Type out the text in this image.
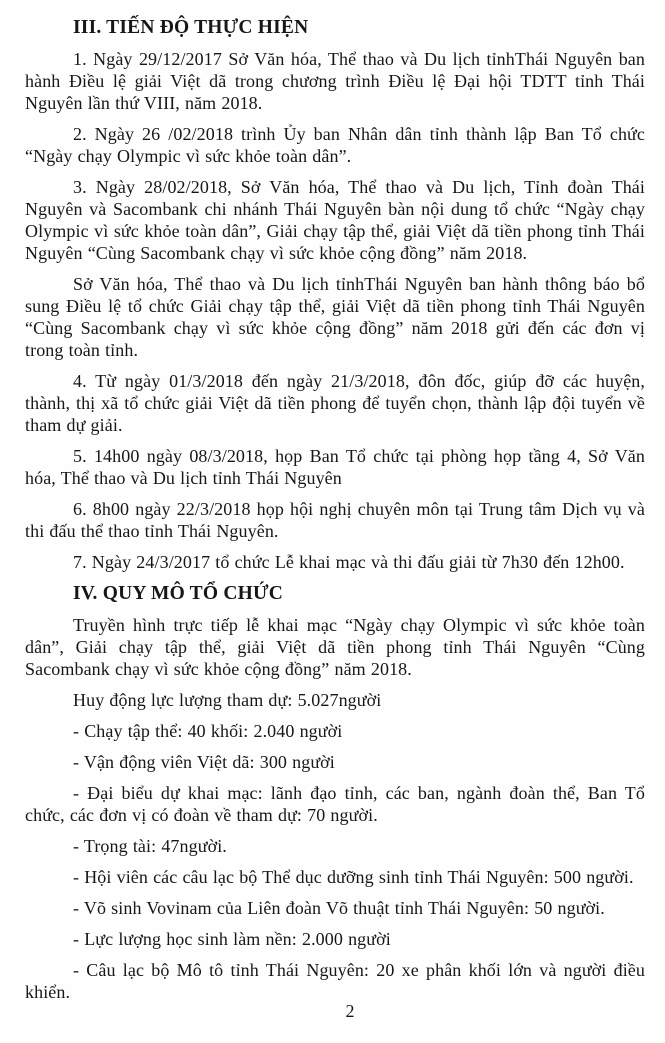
III. TIẾN ĐỘ THỰC HIỆN

1. Ngày 29/12/2017 Sở Văn hóa, Thể thao và Du lịch tỉnhThái Nguyên ban hành Điều lệ giải Việt dã trong chương trình Điều lệ Đại hội TDTT tỉnh Thái Nguyên lần thứ VIII, năm 2018.

2. Ngày 26 /02/2018 trình Ủy ban Nhân dân tỉnh thành lập Ban Tổ chức “Ngày chạy Olympic vì sức khỏe toàn dân”.

3. Ngày 28/02/2018, Sở Văn hóa, Thể thao và Du lịch, Tỉnh đoàn Thái Nguyên và Sacombank chi nhánh Thái Nguyên bàn nội dung tổ chức “Ngày chạy Olympic vì sức khỏe toàn dân”, Giải chạy tập thể, giải Việt dã tiền phong tỉnh Thái Nguyên “Cùng Sacombank chạy vì sức khỏe cộng đồng” năm 2018.

Sở Văn hóa, Thể thao và Du lịch tỉnhThái Nguyên ban hành thông báo bổ sung Điều lệ tổ chức Giải chạy tập thể, giải Việt dã tiền phong tỉnh Thái Nguyên “Cùng Sacombank chạy vì sức khỏe cộng đồng” năm 2018 gửi đến các đơn vị trong toàn tỉnh.

4. Từ ngày 01/3/2018 đến ngày 21/3/2018, đôn đốc, giúp đỡ các huyện, thành, thị xã tổ chức giải Việt dã tiền phong để tuyển chọn, thành lập đội tuyển về tham dự giải.

5. 14h00 ngày 08/3/2018, họp Ban Tổ chức tại phòng họp tầng 4, Sở Văn hóa, Thể thao và Du lịch tỉnh Thái Nguyên

6. 8h00 ngày 22/3/2018 họp hội nghị chuyên môn tại Trung tâm Dịch vụ và thi đấu thể thao tỉnh Thái Nguyên.

7. Ngày 24/3/2017 tổ chức Lễ khai mạc và thi đấu giải từ 7h30 đến 12h00.

IV. QUY MÔ TỔ CHỨC

Truyền hình trực tiếp lễ khai mạc “Ngày chạy Olympic vì sức khỏe toàn dân”, Giải chạy tập thể, giải Việt dã tiền phong tỉnh Thái Nguyên “Cùng Sacombank chạy vì sức khỏe cộng đồng” năm 2018.

Huy động lực lượng tham dự: 5.027người

- Chạy tập thể: 40 khối: 2.040 người

- Vận động viên Việt dã: 300 người

- Đại biểu dự khai mạc: lãnh đạo tỉnh, các ban, ngành đoàn thể, Ban Tổ chức, các đơn vị có đoàn về tham dự: 70 người.

- Trọng tài: 47người.

- Hội viên các câu lạc bộ Thể dục dưỡng sinh tỉnh Thái Nguyên: 500 người.

- Võ sinh Vovinam của Liên đoàn Võ thuật tỉnh Thái Nguyên: 50 người.

- Lực lượng học sinh làm nền: 2.000 người

- Câu lạc bộ Mô tô tỉnh Thái Nguyên: 20 xe phân khối lớn và người điều khiển.

2
